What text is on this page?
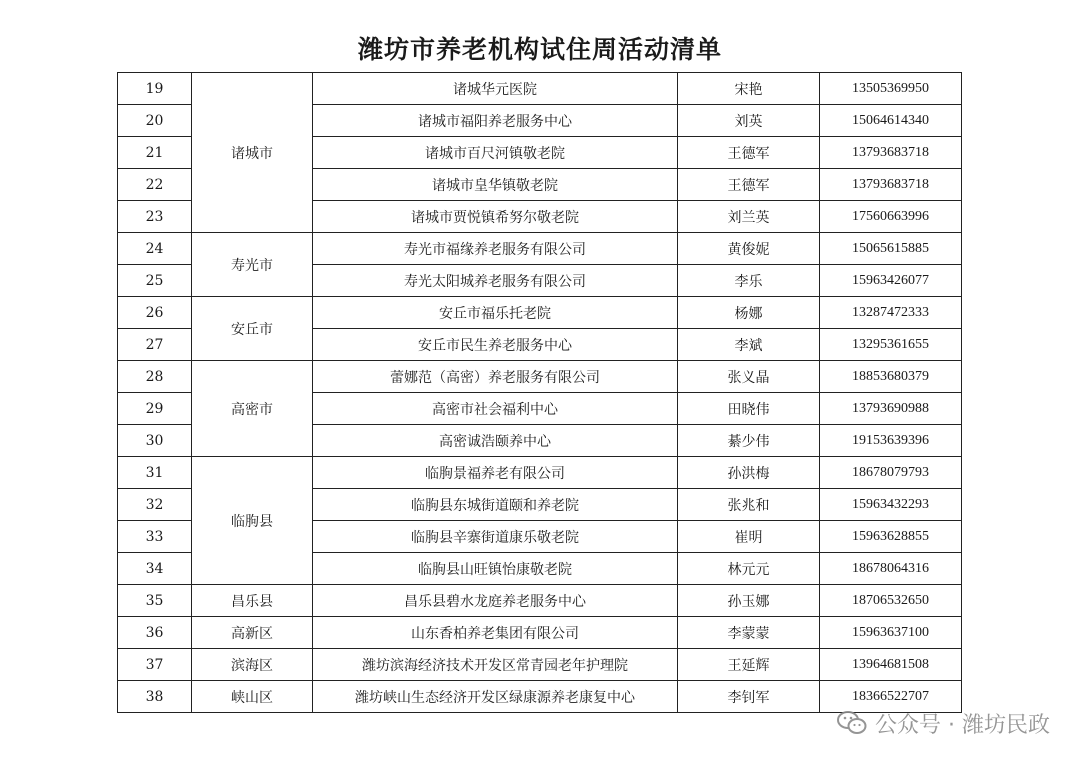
潍坊市养老机构试住周活动清单
19	诸城市	诸城华元医院	宋艳	13505369950
20		诸城市福阳养老服务中心	刘英	15064614340
21		诸城市百尺河镇敬老院	王德军	13793683718
22		诸城市皇华镇敬老院	王德军	13793683718
23		诸城市贾悦镇希努尔敬老院	刘兰英	17560663996
24	寿光市	寿光市福缘养老服务有限公司	黄俊妮	15065615885
25		寿光太阳城养老服务有限公司	李乐	15963426077
26	安丘市	安丘市福乐托老院	杨娜	13287472333
27		安丘市民生养老服务中心	李斌	13295361655
28	高密市	蕾娜范（高密）养老服务有限公司	张义晶	18853680379
29		高密市社会福利中心	田晓伟	13793690988
30		高密诚浩颐养中心	綦少伟	19153639396
31	临朐县	临朐景福养老有限公司	孙洪梅	18678079793
32		临朐县东城街道颐和养老院	张兆和	15963432293
33		临朐县辛寨街道康乐敬老院	崔明	15963628855
34		临朐县山旺镇怡康敬老院	林元元	18678064316
35	昌乐县	昌乐县碧水龙庭养老服务中心	孙玉娜	18706532650
36	高新区	山东香柏养老集团有限公司	李蒙蒙	15963637100
37	滨海区	潍坊滨海经济技术开发区常青园老年护理院	王延辉	13964681508
38	峡山区	潍坊峡山生态经济开发区绿康源养老康复中心	李钊军	18366522707
公众号 · 潍坊民政
